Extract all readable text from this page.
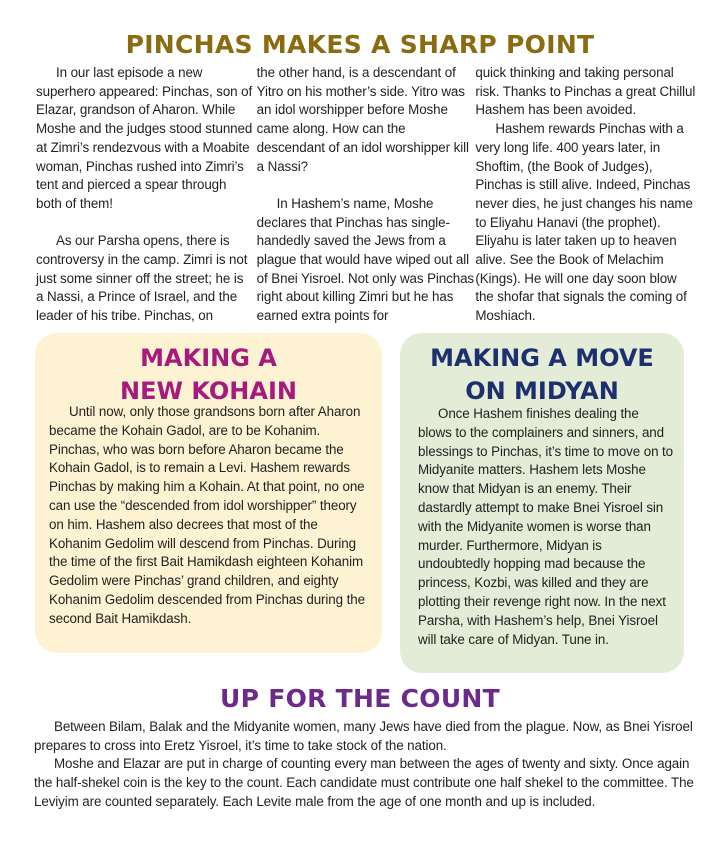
PINCHAS MAKES A SHARP POINT

In our last episode a new superhero appeared: Pinchas, son of Elazar, grandson of Aharon. While Moshe and the judges stood stunned at Zimri’s rendezvous with a Moabite woman, Pinchas rushed into Zimri’s tent and pierced a spear through both of them!

As our Parsha opens, there is controversy in the camp. Zimri is not just some sinner off the street; he is a Nassi, a Prince of Israel, and the leader of his tribe. Pinchas, on

the other hand, is a descendant of Yitro on his mother’s side. Yitro was an idol worshipper before Moshe came along. How can the descendant of an idol worshipper kill a Nassi?

In Hashem’s name, Moshe declares that Pinchas has single-handedly saved the Jews from a plague that would have wiped out all of Bnei Yisroel. Not only was Pinchas right about killing Zimri but he has earned extra points for

quick thinking and taking personal risk. Thanks to Pinchas a great Chillul Hashem has been avoided.

Hashem rewards Pinchas with a very long life. 400 years later, in Shoftim, (the Book of Judges), Pinchas is still alive. Indeed, Pinchas never dies, he just changes his name to Eliyahu Hanavi (the prophet). Eliyahu is later taken up to heaven alive. See the Book of Melachim (Kings). He will one day soon blow the shofar that signals the coming of Moshiach.

MAKING A
NEW KOHAIN

Until now, only those grandsons born after Aharon became the Kohain Gadol, are to be Kohanim. Pinchas, who was born before Aharon became the Kohain Gadol, is to remain a Levi. Hashem rewards Pinchas by making him a Kohain. At that point, no one can use the “descended from idol worshipper” theory on him. Hashem also decrees that most of the Kohanim Gedolim will descend from Pinchas. During the time of the first Bait Hamikdash eighteen Kohanim Gedolim were Pinchas’ grand children, and eighty Kohanim Gedolim descended from Pinchas during the second Bait Hamikdash.

MAKING A MOVE
ON MIDYAN

Once Hashem finishes dealing the blows to the complainers and sinners, and blessings to Pinchas, it’s time to move on to Midyanite matters. Hashem lets Moshe know that Midyan is an enemy. Their dastardly attempt to make Bnei Yisroel sin with the Midyanite women is worse than murder. Furthermore, Midyan is undoubtedly hopping mad because the princess, Kozbi, was killed and they are plotting their revenge right now. In the next Parsha, with Hashem’s help, Bnei Yisroel will take care of Midyan. Tune in.

UP FOR THE COUNT

Between Bilam, Balak and the Midyanite women, many Jews have died from the plague. Now, as Bnei Yisroel prepares to cross into Eretz Yisroel, it’s time to take stock of the nation.

Moshe and Elazar are put in charge of counting every man between the ages of twenty and sixty. Once again the half-shekel coin is the key to the count. Each candidate must contribute one half shekel to the committee. The Leviyim are counted separately. Each Levite male from the age of one month and up is included.
